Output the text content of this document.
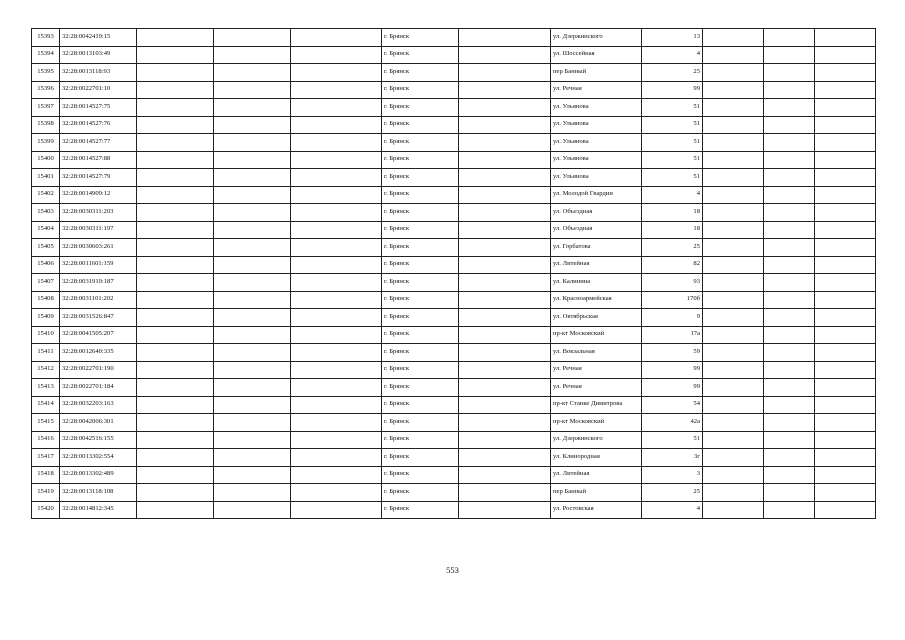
15393	32:28:0042419:15				г. Брянск		ул. Дзержинского	13			
15394	32:28:0013103:49				г. Брянск		ул. Шоссейная	4			
15395	32:28:0013118:93				г. Брянск		пер Банный	25			
15396	32:28:0022701:10				г. Брянск		ул. Речная	99			
15397	32:28:0014527:75				г. Брянск		ул. Ульянова	51			
15398	32:28:0014527:76				г. Брянск		ул. Ульянова	51			
15399	32:28:0014527:77				г. Брянск		ул. Ульянова	51			
15400	32:28:0014527:88				г. Брянск		ул. Ульянова	51			
15401	32:28:0014527:79				г. Брянск		ул. Ульянова	51			
15402	32:28:0014909:12				г. Брянск		ул. Молодой Гвардии	4			
15403	32:28:0030311:203				г. Брянск		ул. Объездная	18			
15404	32:28:0030311:197				г. Брянск		ул. Объездная	18			
15405	32:28:0030603:261				г. Брянск		ул. Горбатова	25			
15406	32:28:0011601:159				г. Брянск		ул. Литейная	82			
15407	32:28:0031910:187				г. Брянск		ул. Калинина	93			
15408	32:28:0031101:202				г. Брянск		ул. Красноармейская	170б			
15409	32:28:0031526:847				г. Брянск		ул. Октябрьская	9			
15410	32:28:0041505:207				г. Брянск		пр-кт Московский	17а			
15411	32:28:0012640:335				г. Брянск		ул. Вокзальная	59			
15412	32:28:0022701:190				г. Брянск		ул. Речная	99			
15413	32:28:0022701:184				г. Брянск		ул. Речная	99			
15414	32:28:0032203:163				г. Брянск		пр-кт Станке Димитрова	54			
15415	32:28:0042006:301				г. Брянск		пр-кт Московский	42а			
15416	32:28:0042516:155				г. Брянск		ул. Дзержинского	51			
15417	32:28:0013302:554				г. Брянск		ул. Клинородная	3г			
15418	32:28:0013302:489				г. Брянск		ул. Литейная	3			
15419	32:28:0013118:108				г. Брянск		пер Банный	25			
15420	32:28:0014812:345				г. Брянск		ул. Ростовская	4			
553
